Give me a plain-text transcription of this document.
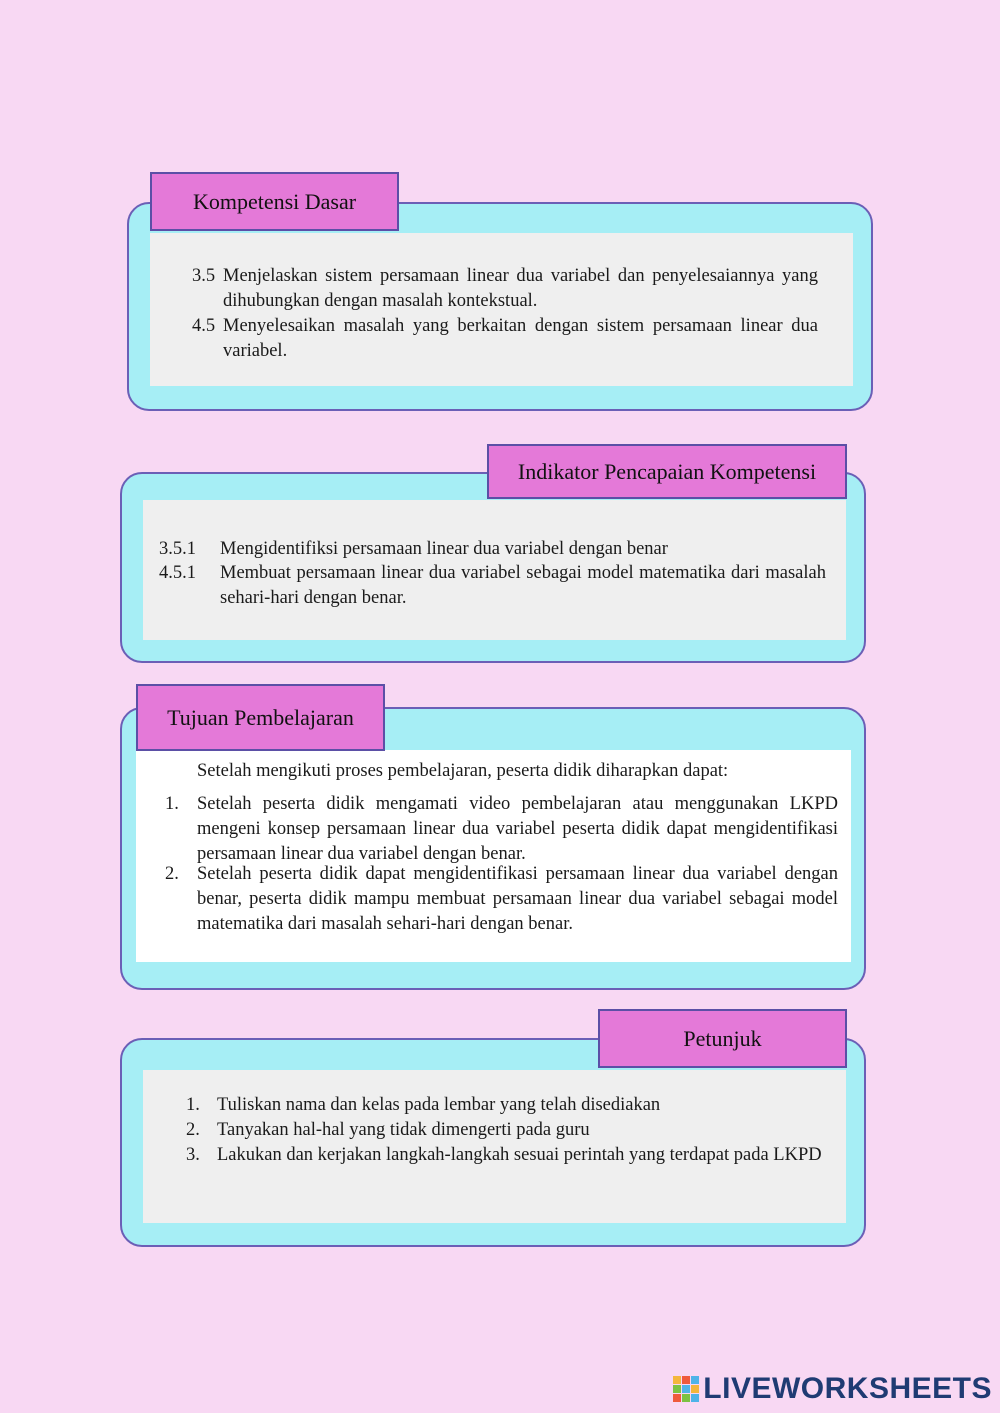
Kompetensi Dasar
3.5 Menjelaskan sistem persamaan linear dua variabel dan penyelesaiannya yang dihubungkan dengan masalah kontekstual.
4.5 Menyelesaikan masalah yang berkaitan dengan sistem persamaan linear dua variabel.
Indikator Pencapaian Kompetensi
3.5.1	Mengidentifiksi persamaan linear dua variabel dengan benar
4.5.1	Membuat persamaan linear dua variabel sebagai model matematika dari masalah sehari-hari dengan benar.
Tujuan Pembelajaran
Setelah mengikuti proses pembelajaran, peserta didik diharapkan dapat:
1. Setelah peserta didik mengamati video pembelajaran atau menggunakan LKPD mengeni konsep persamaan linear dua variabel peserta didik dapat mengidentifikasi persamaan linear dua variabel dengan benar.
2. Setelah peserta didik dapat mengidentifikasi persamaan linear dua variabel dengan benar, peserta didik mampu membuat persamaan linear dua variabel sebagai model matematika dari masalah sehari-hari dengan benar.
Petunjuk
1. Tuliskan nama dan kelas pada lembar yang telah disediakan
2. Tanyakan hal-hal yang tidak dimengerti pada guru
3. Lakukan dan kerjakan langkah-langkah sesuai perintah yang terdapat pada LKPD
LIVEWORKSHEETS
